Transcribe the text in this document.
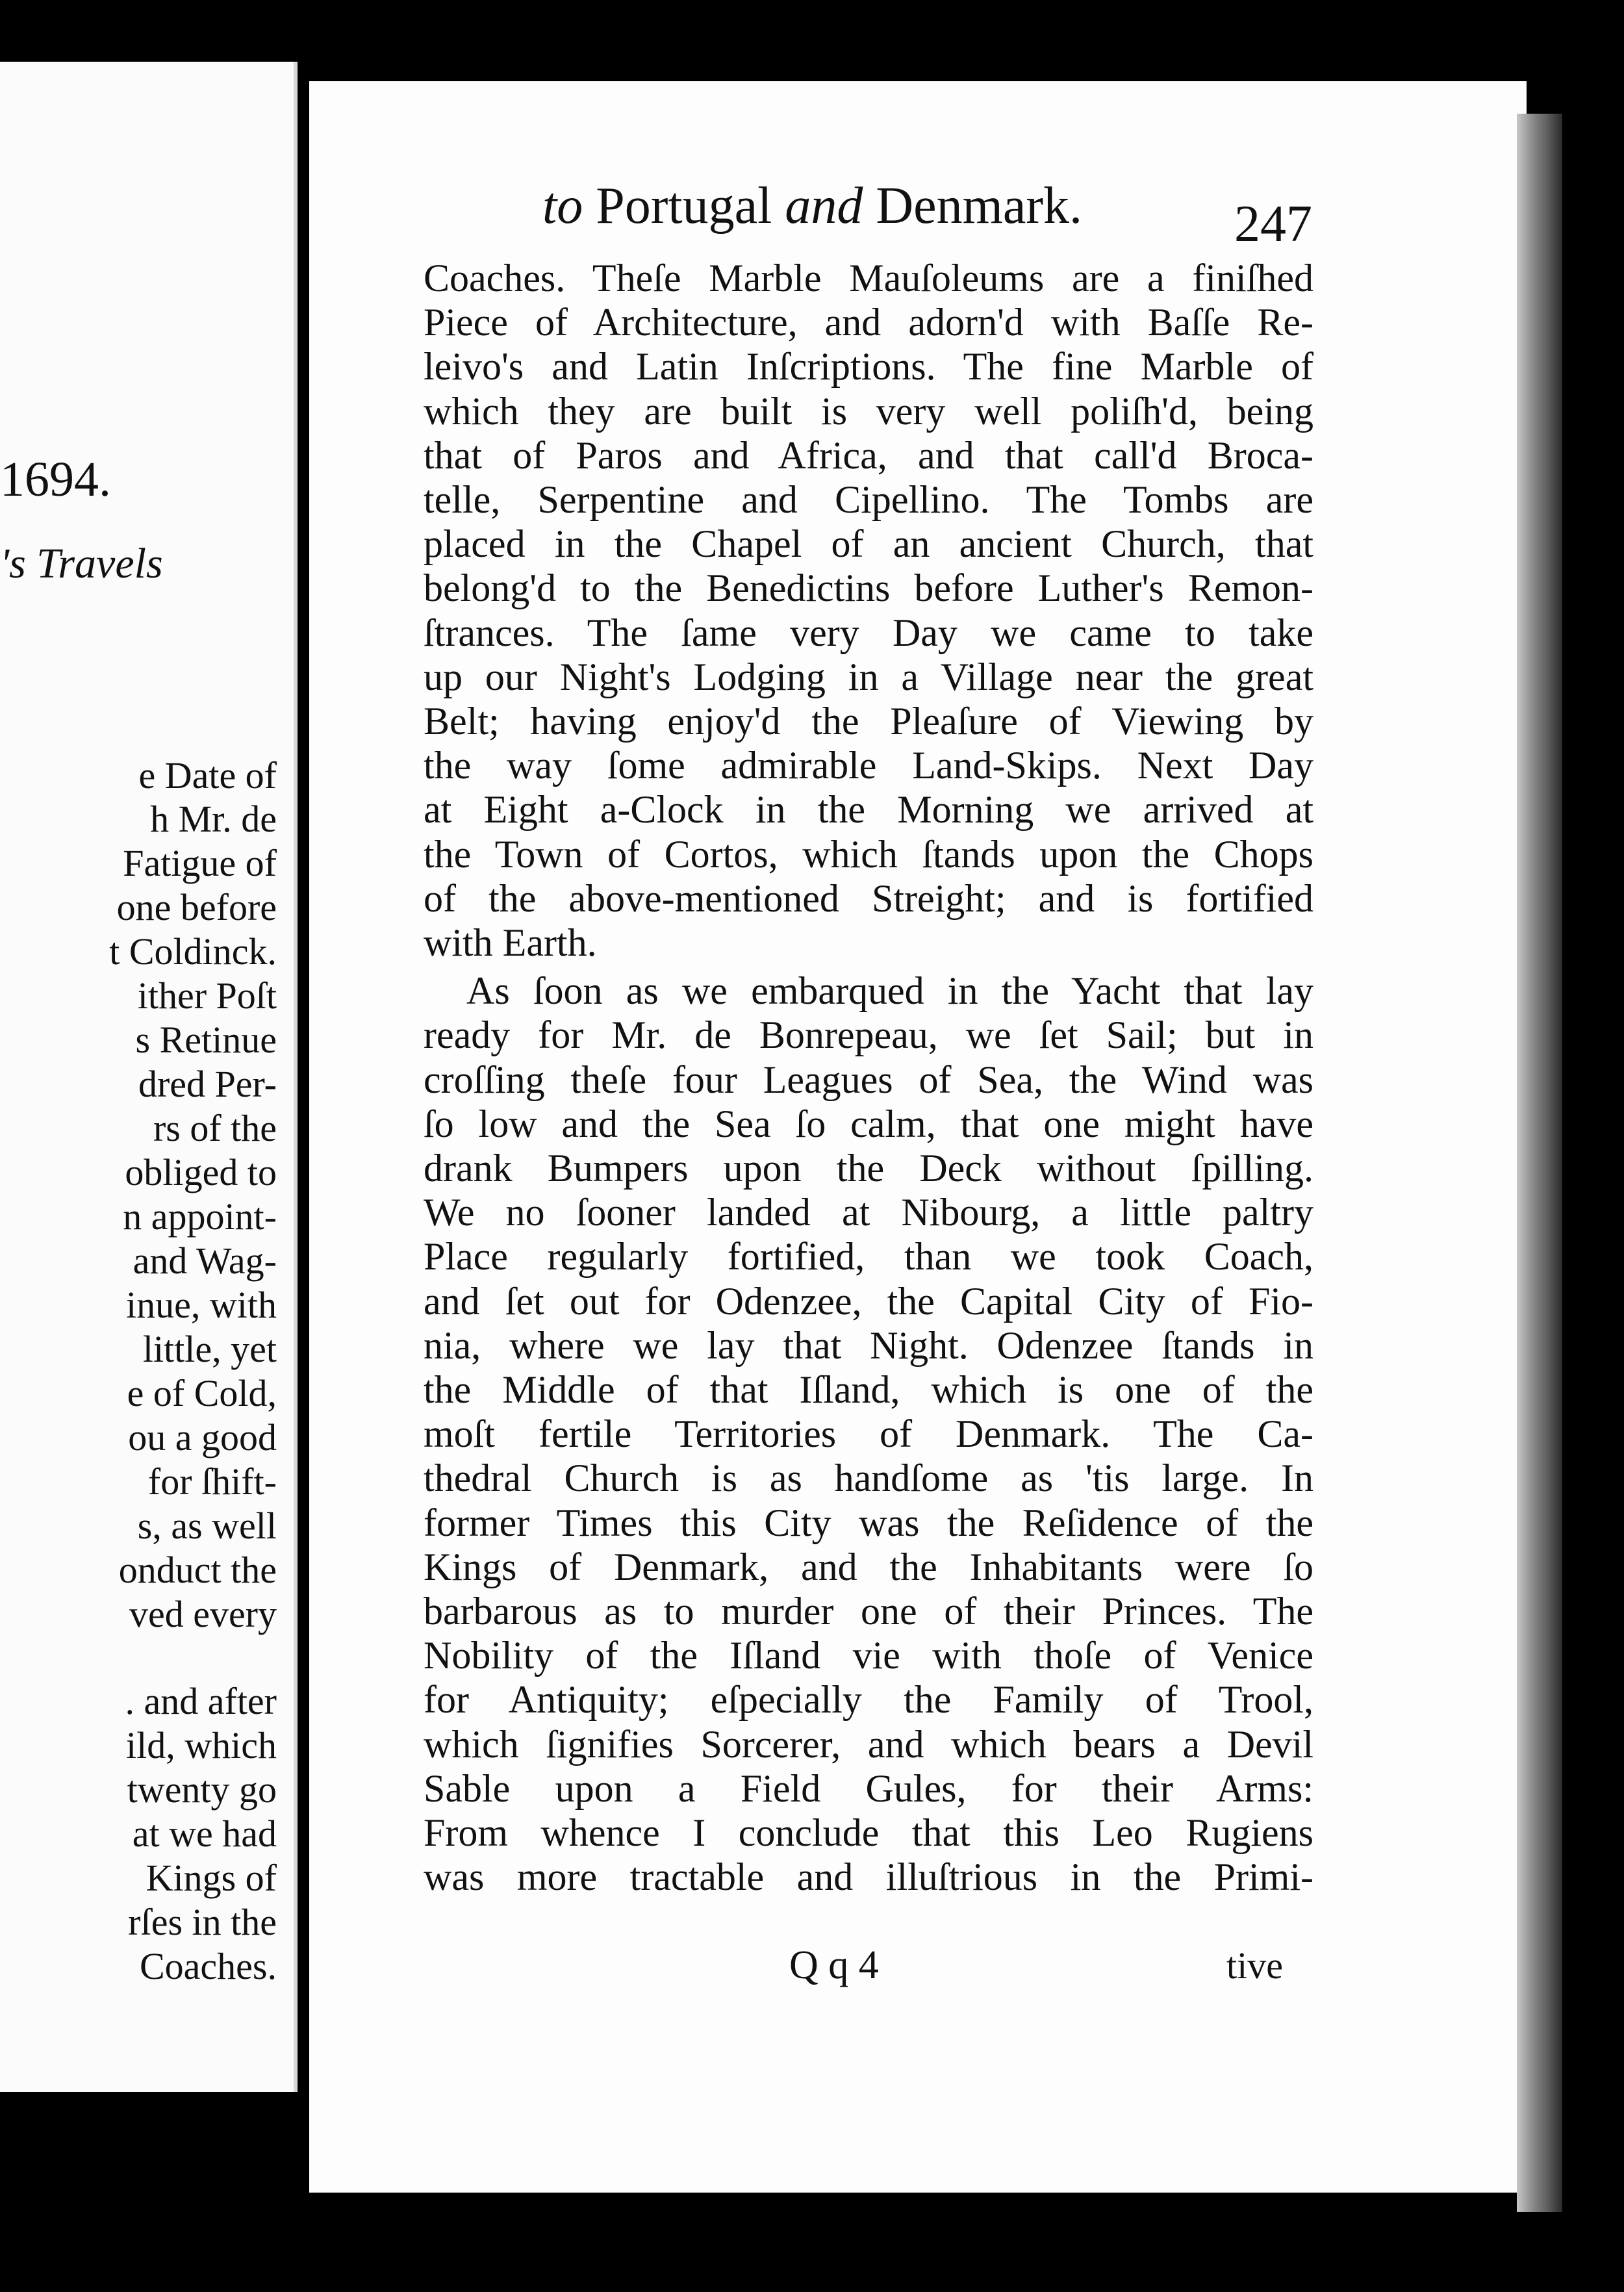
1694.
's Travels
e Date of
h Mr. de
Fatigue of
one before
t Coldinck.
ither Poſt
s Retinue
dred Per-
rs of the
obliged to
n appoint-
and Wag-
inue, with
little, yet
e of Cold,
ou a good
for ſhift-
s, as well
onduct the
ved every
. and after
ild, which
twenty go
at we had
Kings of
rſes in the
Coaches.
to Portugal and Denmark.	247
Coaches. Theſe Marble Mauſoleums are a finiſhed
Piece of Architecture, and adorn'd with Baſſe Re-
leivo's and Latin Inſcriptions. The fine Marble of
which they are built is very well poliſh'd, being
that of Paros and Africa, and that call'd Broca-
telle, Serpentine and Cipellino. The Tombs are
placed in the Chapel of an ancient Church, that
belong'd to the Benedictins before Luther's Remon-
ſtrances. The ſame very Day we came to take
up our Night's Lodging in a Village near the great
Belt; having enjoy'd the Pleaſure of Viewing by
the way ſome admirable Land-Skips. Next Day
at Eight a-Clock in the Morning we arrived at
the Town of Cortos, which ſtands upon the Chops
of the above-mentioned Streight; and is fortified
with Earth.
As ſoon as we embarqued in the Yacht that lay
ready for Mr. de Bonrepeau, we ſet Sail; but in
croſſing theſe four Leagues of Sea, the Wind was
ſo low and the Sea ſo calm, that one might have
drank Bumpers upon the Deck without ſpilling.
We no ſooner landed at Nibourg, a little paltry
Place regularly fortified, than we took Coach,
and ſet out for Odenzee, the Capital City of Fio-
nia, where we lay that Night. Odenzee ſtands in
the Middle of that Iſland, which is one of the
moſt fertile Territories of Denmark. The Ca-
thedral Church is as handſome as 'tis large. In
former Times this City was the Reſidence of the
Kings of Denmark, and the Inhabitants were ſo
barbarous as to murder one of their Princes. The
Nobility of the Iſland vie with thoſe of Venice
for Antiquity; eſpecially the Family of Trool,
which ſignifies Sorcerer, and which bears a Devil
Sable upon a Field Gules, for their Arms:
From whence I conclude that this Leo Rugiens
was more tractable and illuſtrious in the Primi-
Q q 4	tive
